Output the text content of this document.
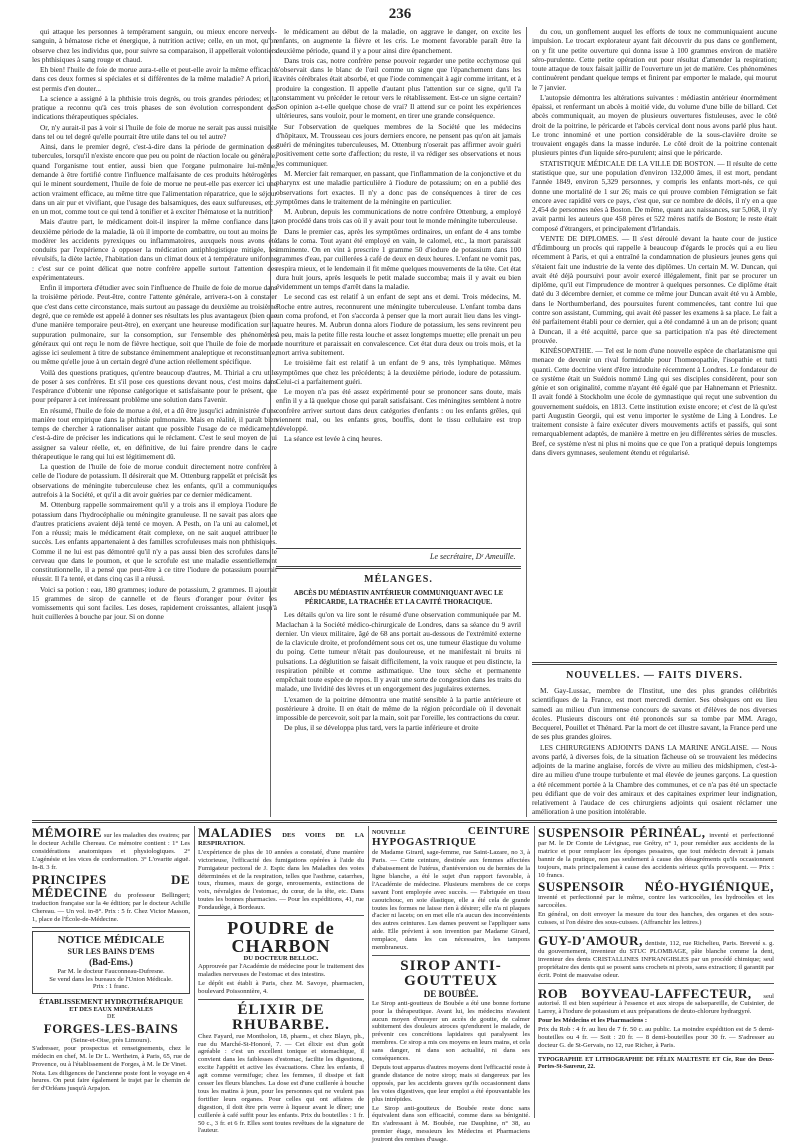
236

qui attaque les personnes à tempérament sanguin, ou mieux encore nerveux-sanguin, à hématose riche et énergique, à nutrition active; celle, en un mot, qu'on observe chez les individus que, pour suivre sa comparaison, il appellerait volontiers les phthisiques à sang rouge et chaud.

Eh bien! l'huile de foie de morue aura-t-elle et peut-elle avoir la même efficacité dans ces deux formes si spéciales et si différentes de la même maladie? A priori, il est permis d'en douter...

La science a assigné à la phthisie trois degrés, ou trois grandes périodes; et la pratique a reconnu qu'à ces trois phases de son évolution correspondent des indications thérapeutiques spéciales.

Or, n'y aurait-il pas à voir si l'huile de foie de morue ne serait pas aussi nuisible dans tel ou tel degré qu'elle pourrait être utile dans tel ou tel autre?

Ainsi, dans le premier degré, c'est-à-dire dans la période de germination des tubercules, lorsqu'il n'existe encore que peu ou point de réaction locale ou générale, quand l'organisme tout entier, aussi bien que l'organe pulmonaire lui-même, demande à être fortifié contre l'influence malfaisante de ces produits hétérogènes qui le minent sourdement, l'huile de foie de morue ne peut-elle pas exercer ici une action vraiment efficace, au même titre que l'alimentation réparatrice, que le séjour dans un air pur et vivifiant, que l'usage des balsamiques, des eaux sulfureuses, etc., en un mot, comme tout ce qui tend à tonifier et à exciter l'hématose et la nutrition?

Mais d'autre part, le médicament doit-il inspirer la même confiance dans la deuxième période de la maladie, là où il importe de combattre, ou tout au moins de modérer les accidents pyrexiques ou inflammatoires, auxquels nous avons été conduits par l'expérience à opposer la médication antiphlogistique mitigée, les révulsifs, la diète lactée, l'habitation dans un climat doux et à température uniforme : c'est sur ce point délicat que notre confrère appelle surtout l'attention des expérimentateurs.

Enfin il importera d'étudier avec soin l'influence de l'huile de foie de morue dans la troisième période. Peut-être, contre l'attente générale, arrivera-t-on à constater que c'est dans cette circonstance, mais surtout au passage du deuxième au troisième degré, que ce remède est appelé à donner ses résultats les plus avantageux (bien que d'une manière temporaire peut-être), en exerçant une heureuse modification sur la suppuration pulmonaire, sur la consomption, sur l'ensemble des phénomènes généraux qui ont reçu le nom de fièvre hectique, soit que l'huile de foie de morue agisse ici seulement à titre de substance éminemment analeptique et reconstituante, ou même qu'elle joue à un certain degré d'une action réellement spécifique.

Voilà des questions pratiques, qu'entre beaucoup d'autres, M. Thirial a cru utile de poser à ses confrères. Et s'il pose ces questions devant nous, c'est moins dans l'espérance d'obtenir une réponse catégorique et satisfaisante pour le présent, que pour préparer à cet intéressant problème une solution dans l'avenir.

En résumé, l'huile de foie de morue a été, et a dû être jusqu'ici administrée d'une manière tout empirique dans la phthisie pulmonaire. Mais en réalité, il paraît bien temps de chercher à rationnaliser autant que possible l'usage de ce médicament, c'est-à-dire de préciser les indications qui le réclament. C'est le seul moyen de lui assigner sa valeur réelle, et, en définitive, de lui faire prendre dans le cadre thérapeutique le rang qui lui est légitimement dû.

La question de l'huile de foie de morue conduit directement notre confrère à celle de l'iodure de potassium. Il désirerait que M. Ottenburg rappelât et précisât les observations de méningite tuberculeuse chez les enfants, qu'il a communiquées autrefois à la Société, et qu'il a dit avoir guéries par ce dernier médicament.

M. Ottenburg rappelle sommairement qu'il y a trois ans il employa l'iodure de potassium dans l'hydrocéphalie ou méningite granuleuse. Il ne savait pas alors que d'autres praticiens avaient déjà tenté ce moyen. A Pesth, on l'a uni au calomel, et l'on a réussi; mais le médicament était complexe, on ne sait auquel attribuer le succès. Les enfants appartenaient à des familles scrofuleuses mais non phthisiques. Comme il ne lui est pas démontré qu'il n'y a pas aussi bien des scrofules dans le cerveau que dans le poumon, et que le scrofule est une maladie essentiellement constitutionnelle, il a pensé que peut-être à ce titre l'iodure de potassium pourrait réussir. Il l'a tenté, et dans cinq cas il a réussi.

Voici sa potion : eau, 180 grammes; iodure de potassium, 2 grammes. Il ajoutait 15 grammes de sirop de cannelle et de fleurs d'oranger pour éviter les vomissements qui sont faciles. Les doses, rapidement croissantes, allaient jusqu'à huit cuillerées à bouche par jour. Si on donne

le médicament au début de la maladie, on aggrave le danger, on excite les enfants, on augmente la fièvre et les cris. Le moment favorable paraît être la deuxième période, quand il y a pour ainsi dire épanchement.

Dans trois cas, notre confrère pense pouvoir regarder une petite ecchymose qui s'observait dans le blanc de l'œil comme un signe que l'épanchement dans les cavités cérébrales était absorbé, et que l'iode commençait à agir comme irritant, et à produire la congestion. Il appelle d'autant plus l'attention sur ce signe, qu'il l'a constamment vu précéder le retour vers le rétablissement. Est-ce un signe certain? Son opinion a-t-elle quelque chose de vrai? Il attend sur ce point les expériences ultérieures, sans vouloir, pour le moment, en tirer une grande conséquence.

Sur l'observation de quelques membres de la Société que les médecins d'hôpitaux, M. Trousseau ces jours derniers encore, ne pensent pas qu'on ait jamais guéri de méningites tuberculeuses, M. Ottenburg n'oserait pas affirmer avoir guéri positivement cette sorte d'affection; du reste, il va rédiger ses observations et nous les communiquer.

M. Mercier fait remarquer, en passant, que l'inflammation de la conjonctive et du pharynx est une maladie particulière à l'iodure de potassium; on en a publié des observations fort exactes. Il n'y a donc pas de conséquences à tirer de ces symptômes dans le traitement de la méningite en particulier.

M. Aubrun, depuis les communications de notre confrère Ottenburg, a employé son procédé dans trois cas où il y avait pour tout le monde méningite tuberculeuse.

Dans le premier cas, après les symptômes ordinaires, un enfant de 4 ans tombe dans le coma. Tout ayant été employé en vain, le calomel, etc., la mort paraissait imminente. On en vint à prescrire 1 gramme 50 d'iodure de potassium dans 100 grammes d'eau, par cuillerées à café de deux en deux heures. L'enfant ne vomit pas, respira mieux, et le lendemain il fit même quelques mouvements de la tête. Cet état dura huit jours, après lesquels le petit malade succomba; mais il y avait eu bien évidemment un temps d'arrêt dans la maladie.

Le second cas est relatif à un enfant de sept ans et demi. Trois médecins, M. Roche entre autres, reconnurent une méningite tuberculeuse. L'enfant tomba dans un coma profond, et l'on s'accorda à penser que la mort aurait lieu dans les vingt-quatre heures. M. Aubrun donna alors l'iodure de potassium, les sens revinrent peu à peu, mais la petite fille resta louche et assez longtemps muette; elle prenait un peu de nourriture et paraissait en convalescence. Cet état dura deux ou trois mois, et la mort arriva subitement.

Le troisième fait est relatif à un enfant de 9 ans, très lymphatique. Mêmes symptômes que chez les précédents; à la deuxième période, iodure de potassium. Celui-ci a parfaitement guéri.

Le moyen n'a pas été assez expérimenté pour se prononcer sans doute, mais enfin il y a là quelque chose qui paraît satisfaisant. Ces méningites semblent à notre confrère arriver surtout dans deux catégories d'enfants : ou les enfants grêles, qui viennent mal, ou les enfants gros, bouffis, dont le tissu cellulaire est trop développé.

La séance est levée à cinq heures.

du cou, un gonflement auquel les efforts de toux ne communiquaient aucune impulsion. Le trocart explorateur ayant fait découvrir du pus dans ce gonflement, on y fit une petite ouverture qui donna issue à 100 grammes environ de matière séro-purulente. Cette petite opération eut pour résultat d'amender la respiration; toute attaque de toux faisait jaillir de l'ouverture un jet de matière. Ces phénomènes continuèrent pendant quelque temps et finirent par emporter le malade, qui mourut le 7 janvier.

L'autopsie démontra les altérations suivantes : médiastin antérieur énormément épaissi, et renfermant un abcès à moitié vide, du volume d'une bille de billard. Cet abcès communiquait, au moyen de plusieurs ouvertures fistuleuses, avec le côté droit de la poitrine, le péricarde et l'abcès cervical dont nous avons parlé plus haut. Le tronc innominé et une portion considérable de la sous-clavière droite se trouvaient engagés dans la masse indurée. Le côté droit de la poitrine contenait plusieurs pintes d'un liquide séro-purulent; ainsi que le péricarde.

STATISTIQUE MÉDICALE DE LA VILLE DE BOSTON. — Il résulte de cette statistique que, sur une population d'environ 132,000 âmes, il est mort, pendant l'année 1849, environ 5,329 personnes, y compris les enfants mort-nés, ce qui donne une mortalité de 1 sur 26; mais ce qui prouve combien l'émigration se fait encore avec rapidité vers ce pays, c'est que, sur ce nombre de décès, il n'y en a que 2,454 de personnes nées à Boston. De même, quant aux naissances, sur 5,068, il n'y avait parmi les auteurs que 458 pères et 522 mères natifs de Boston; le reste était composé d'étrangers, et principalement d'Irlandais.

VENTE DE DIPLOMES. — Il s'est déroulé devant la haute cour de justice d'Édimbourg un procès qui rappelle à beaucoup d'égards le procès qui a eu lieu récemment à Paris, et qui a entraîné la condamnation de plusieurs jeunes gens qui s'étaient fait une industrie de la vente des diplômes. Un certain M. W. Duncan, qui avait été déjà poursuivi pour avoir exercé illégalement, finit par se procurer un diplôme, qu'il eut l'imprudence de montrer à quelques personnes. Ce diplôme était daté du 3 décembre dernier, et comme ce même jour Duncan avait été vu à Amble, dans le Northumberland, des poursuites furent commencées, tant contre lui que contre son assistant, Cumming, qui avait été passer les examens à sa place. Le fait a été parfaitement établi pour ce dernier, qui a été condamné à un an de prison; quant à Duncan, il a été acquitté, parce que sa participation n'a pas été directement prouvée.

KINÉSOPATHIE. — Tel est le nom d'une nouvelle espèce de charlatanisme qui menace de devenir un rival formidable pour l'homœopathie, l'isopathie et tutti quanti. Cette doctrine vient d'être introduite récemment à Londres. Le fondateur de ce système était un Suédois nommé Ling qui ses disciples considèrent, pour son génie et son originalité, comme n'ayant été égalé que par Hahnemann et Priesnitz. Il avait fondé à Stockholm une école de gymnastique qui reçut une subvention du gouvernement suédois, en 1813. Cette institution existe encore; et c'est de là qu'est parti Augustin Georgii, qui est venu importer le système de Ling à Londres. Le traitement consiste à faire exécuter divers mouvements actifs et passifs, qui sont remarquablement adaptés, de manière à mettre en jeu différentes séries de muscles. Bref, ce système n'est ni plus ni moins que ce que l'on a pratiqué depuis longtemps dans divers gymnases, seulement étendu et régularisé.

Le secrétaire, Dʳ Ameuille.
MÉLANGES.

ABCÈS DU MÉDIASTIN ANTÉRIEUR COMMUNIQUANT AVEC LE PÉRICARDE, LA TRACHÉE ET LA CAVITÉ THORACIQUE.

Les détails qu'on va lire sont le résumé d'une observation communiquée par M. Maclachan à la Société médico-chirurgicale de Londres, dans sa séance du 9 avril dernier. Un vieux militaire, âgé de 68 ans portait au-dessous de l'extrémité externe de la clavicule droite, et profondément sous cet os, une tumeur élastique du volume du poing. Cette tumeur n'était pas douloureuse, et ne manifestait ni bruits ni pulsations. La déglutition se faisait difficilement, la voix rauque et peu distincte, la respiration pénible et comme asthmatique. Une toux sèche et permanente empêchait toute espèce de repos. Il y avait une sorte de congestion dans les traits du malade, une lividité des lèvres et un engorgement des jugulaires externes.

L'examen de la poitrine démontra une matité sensible à la partie antérieure et postérieure à droite. Il en était de même de la région précordiale où il devenait impossible de percevoir, soit par la main, soit par l'oreille, les contractions du cœur.

De plus, il se développa plus tard, vers la partie inférieure et droite

NOUVELLES. — FAITS DIVERS.

M. Gay-Lussac, membre de l'Institut, une des plus grandes célébrités scientifiques de la France, est mort mercredi dernier. Ses obsèques ont eu lieu samedi au milieu d'un immense concours de savans et d'élèves de nos diverses écoles. Plusieurs discours ont été prononcés sur sa tombe par MM. Arago, Becquerel, Pouillet et Thénard. Par la mort de cet illustre savant, la France perd une de ses plus grandes gloires.

LES CHIRURGIENS ADJOINTS DANS LA MARINE ANGLAISE. — Nous avons parlé, à diverses fois, de la situation fâcheuse où se trouvaient les médecins adjoints de la marine anglaise, forcés de vivre au milieu des midshipmen, c'est-à-dire au milieu d'une troupe turbulente et mal élevée de jeunes garçons. La question a été récemment portée à la Chambre des communes, et ce n'a pas été un spectacle peu édifiant que de voir des amiraux et des capitaines exprimer leur indignation, relativement à l'audace de ces chirurgiens adjoints qui osaient réclamer une amélioration à une position intolérable.

MÉMOIRE sur les maladies des ovaires; par le docteur Achille Chereau. Ce mémoire contient : 1° Les considérations anatomiques et physiologiques. 2° L'agénésie et les vices de conformation. 3° L'ovarite aiguë. In-8. 3 fr.

PRINCIPES DE MÉDECINE du professeur Bellingeri; traduction française sur la 4e édition; par le docteur Achille Chereau. — Un vol. in-8°. Prix : 5 fr. Chez Victor Masson, 1, place de l'École-de-Médecine.

NOTICE MÉDICALE
SUR LES BAINS D'EMS
(Bad-Ems.)
Par M. le docteur Fauconneau-Dufresne.
Se vend dans les bureaux de l'Union Médicale.
Prix : 1 franc.
ÉTABLISSEMENT HYDROTHÉRAPIQUE
ET DES EAUX MINÉRALES
DE
FORGES-LES-BAINS
(Seine-et-Oise, près Limours).

S'adresser, pour prospectus et renseignements, chez le médecin en chef, M. le Dr L. Wertheim, à Paris, 65, rue de Provence, ou à l'établissement de Forges, à M. le Dr Vinet.

Nota. Les diligences de l'ancienne poste font le voyage en 4 heures. On peut faire également le trajet par le chemin de fer d'Orléans jusqu'à Arpajon.

MALADIES DES VOIES DE LA RESPIRATION.

L'expérience de plus de 10 années a constaté, d'une manière victorieuse, l'efficacité des fumigations opérées à l'aide du Fumigateur pectoral de J. Espic dans les Maladies des voies déterminées et de la respiration, telles que l'asthme, catarrhes, toux, rhumes, maux de gorge, enrouements, extinctions de voix, névralgies de l'estomac, du cœur, de la tête, etc. Dans toutes les bonnes pharmacies. — Pour les expéditions, 41, rue Fondaudège, à Bordeaux.

POUDRE de CHARBON
DU DOCTEUR BELLOC.

Approuvée par l'Académie de médecine pour le traitement des maladies nerveuses de l'estomac et des intestins.

Le dépôt est établi à Paris, chez M. Savoye, pharmacien, boulevard Poissonnière, 4.

ÉLIXIR DE RHUBARBE.

Chez Fayard, rue Montholon, 18, pharm., et chez Blayn, ph., rue du Marché-St-Honoré, 7. — Cet élixir est d'un goût agréable : c'est un excellent tonique et stomachique, il convient dans les faiblesses d'estomac, facilite les digestions, excite l'appétit et active les évacuations. Chez les enfants, il agit comme vermifuge; chez les femmes, il dissipe et fait cesser les fleurs blanches. La dose est d'une cuillerée à bouche tous les matins à jeun, pour les personnes qui ne veulent pas fortifier leurs organes. Pour celles qui ont affaires de digestion, il doit être pris verre à liqueur avant le dîner; une cuillerée à café suffit pour les enfants. Prix du bouteilles : 1 fr. 50 c., 3 fr. et 6 fr. Elles sont toutes revêtues de la signature de l'auteur.

NOUVELLE	CEINTURE HYPOGASTRIQUE

de Madame Girard, sage-femme, rue Saint-Lazare, no 3, à Paris. — Cette ceinture, destinée aux femmes affectées d'abaissement de l'utérus, d'antéversion ou de hernies de la ligne blanche, a été le sujet d'un rapport favorable, à l'Académie de médecine. Plusieurs membres de ce corps savant l'ont employée avec succès. — Fabriquée en tissu caoutchouc, en soie élastique, elle a été cela de grande toutes les formes ne laisse rien à désirer; elle n'a ni plaques d'acier ni lacets; on en met elle n'a aucun des inconvénients des autres ceintures. Les dames peuvent se l'appliquer sans aide. Elle prévient à son invention par Madame Girard, remplace, dans les cas nécessaires, les tampons membraneux.

SIROP ANTI-GOUTTEUX
DE BOUBÉE.

Le Sirop anti-goutteux de Boubée a été une bonne fortune pour la thérapeutique. Avant lui, les médecins n'avaient aucun moyen d'enrayer un accès de goutte, de calmer subitement des douleurs atroces qu'endurent le malade, de prévenir ces concrétions lapidaires qui paralysent les membres. Ce sirop a mis ces moyens en leurs mains, et cela sans danger, ni dans son actualité, ni dans ses conséquences.

Depuis tout apparus d'autres moyens dont l'efficacité reste à grande distance de notre sirop; mais si dangereux par les opposés, par les accidents graves qu'ils occasionnent dans les voies digestives, que leur emploi a été épouvantable les plus intrépides.

Le Sirop anti-goutteux de Boubée reste donc sans équivalent dans son efficacité, comme dans sa bénignité. En s'adressant à M. Boubée, rue Dauphine, n° 38, au premier étage, messieurs les Médecins et Pharmaciens jouiront des remises d'usage.

SUSPENSOIR PÉRINÉAL, inventé et perfectionné par M. le Dr Comte de Lévignac, rue Grétry, n° 1, pour remédier aux accidents de la matrice et pour remplacer les éponges pessaires, que tout médecin devrait à jamais bannir de la pratique, non pas seulement à cause des désagréments qu'ils occasionnent toujours, mais principalement à cause des accidents sérieux qu'ils provoquent. — Prix : 10 francs.

SUSPENSOIR NÉO-HYGIÉNIQUE, inventé et perfectionné par le même, contre les varicocèles, les hydrocèles et les sarcocèles.

En général, on doit envoyer la mesure du tour des hanches, des organes et des sous-cuisses, si l'on désire des sous-cuisses. (Affranchir les lettres.)

GUY-D'AMOUR, dentiste, 112, rue Richelieu, Paris. Breveté s. g. du gouvernement, inventeur du STUC PLOMBAGE, pâte blanche comme la dent, inventeur des dents CRISTALLINES INFRANGIBLES par un procédé chimique; seul propriétaire des dents qui se posent sans crochets ni pivots, sans extraction; il garantit par écrit. Point de mauvaise odeur.

ROB BOYVEAU-LAFFECTEUR, seul autorisé. Il est bien supérieur à l'essence et aux sirops de salsepareille, de Cuisinier, de Larrey, à l'iodure de potassium et aux préparations de deuto-chlorure hydrargyré.

Pour les Médecins et les Pharmaciens :

Prix du Rob : 4 fr. au lieu de 7 fr. 50 c. au public. La moindre expédition est de 5 demi-bouteilles ou 4 fr. — Soit : 20 fr. — 8 demi-bouteilles pour 30 fr. — S'adresser au docteur G. de St-Gervais, no 12, rue Richer, à Paris.

TYPOGRAPHIE ET LITHOGRAPHIE DE FÉLIX MALTESTE ET Cie, Rue des Deux-Portes-St-Sauveur, 22.
